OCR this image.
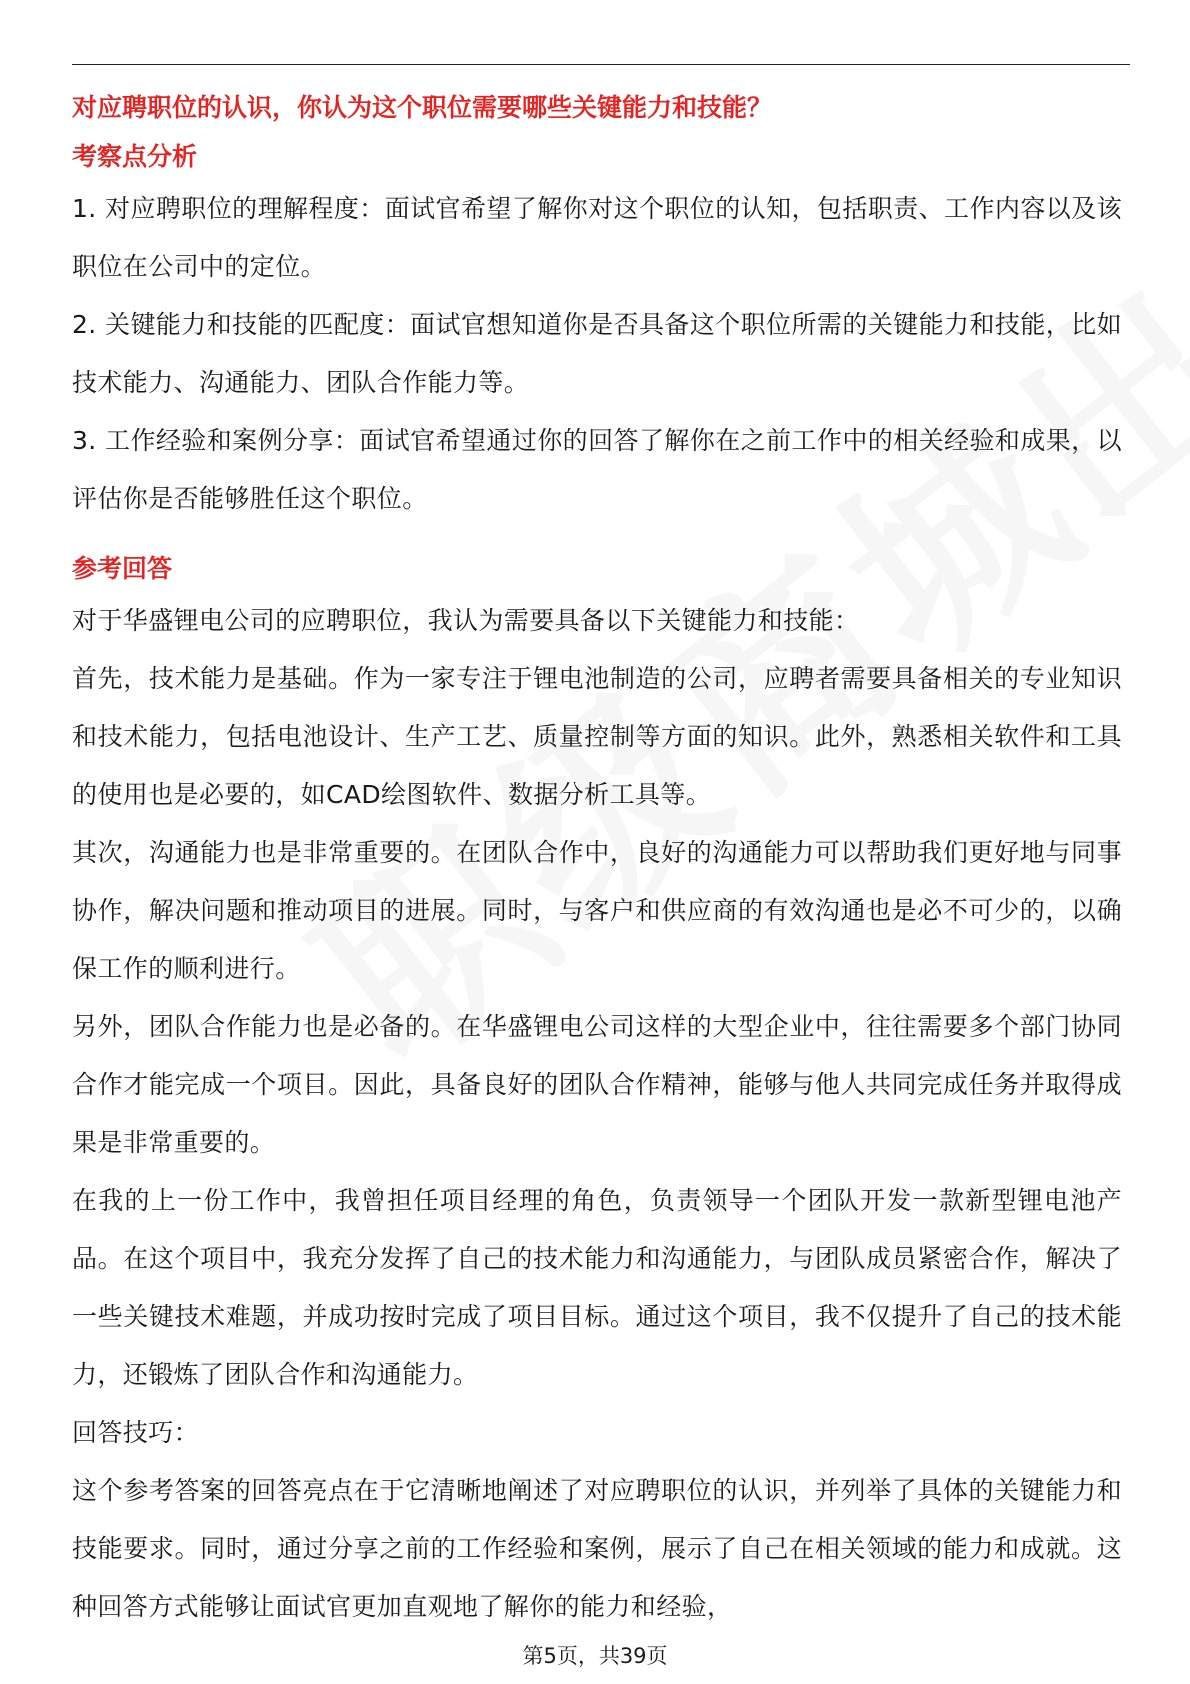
对应聘职位的认识，你认为这个职位需要哪些关键能力和技能？
考察点分析

1. 对应聘职位的理解程度：面试官希望了解你对这个职位的认知，包括职责、工作内容以及该职位在公司中的定位。

2. 关键能力和技能的匹配度：面试官想知道你是否具备这个职位所需的关键能力和技能，比如技术能力、沟通能力、团队合作能力等。

3. 工作经验和案例分享：面试官希望通过你的回答了解你在之前工作中的相关经验和成果，以评估你是否能够胜任这个职位。

参考回答

对于华盛锂电公司的应聘职位，我认为需要具备以下关键能力和技能：

首先，技术能力是基础。作为一家专注于锂电池制造的公司，应聘者需要具备相关的专业知识和技术能力，包括电池设计、生产工艺、质量控制等方面的知识。此外，熟悉相关软件和工具的使用也是必要的，如CAD绘图软件、数据分析工具等。

其次，沟通能力也是非常重要的。在团队合作中，良好的沟通能力可以帮助我们更好地与同事协作，解决问题和推动项目的进展。同时，与客户和供应商的有效沟通也是必不可少的，以确保工作的顺利进行。

另外，团队合作能力也是必备的。在华盛锂电公司这样的大型企业中，往往需要多个部门协同合作才能完成一个项目。因此，具备良好的团队合作精神，能够与他人共同完成任务并取得成果是非常重要的。

在我的上一份工作中，我曾担任项目经理的角色，负责领导一个团队开发一款新型锂电池产品。在这个项目中，我充分发挥了自己的技术能力和沟通能力，与团队成员紧密合作，解决了一些关键技术难题，并成功按时完成了项目目标。通过这个项目，我不仅提升了自己的技术能力，还锻炼了团队合作和沟通能力。

回答技巧：

这个参考答案的回答亮点在于它清晰地阐述了对应聘职位的认识，并列举了具体的关键能力和技能要求。同时，通过分享之前的工作经验和案例，展示了自己在相关领域的能力和成就。这种回答方式能够让面试官更加直观地了解你的能力和经验，

第5页，共39页
